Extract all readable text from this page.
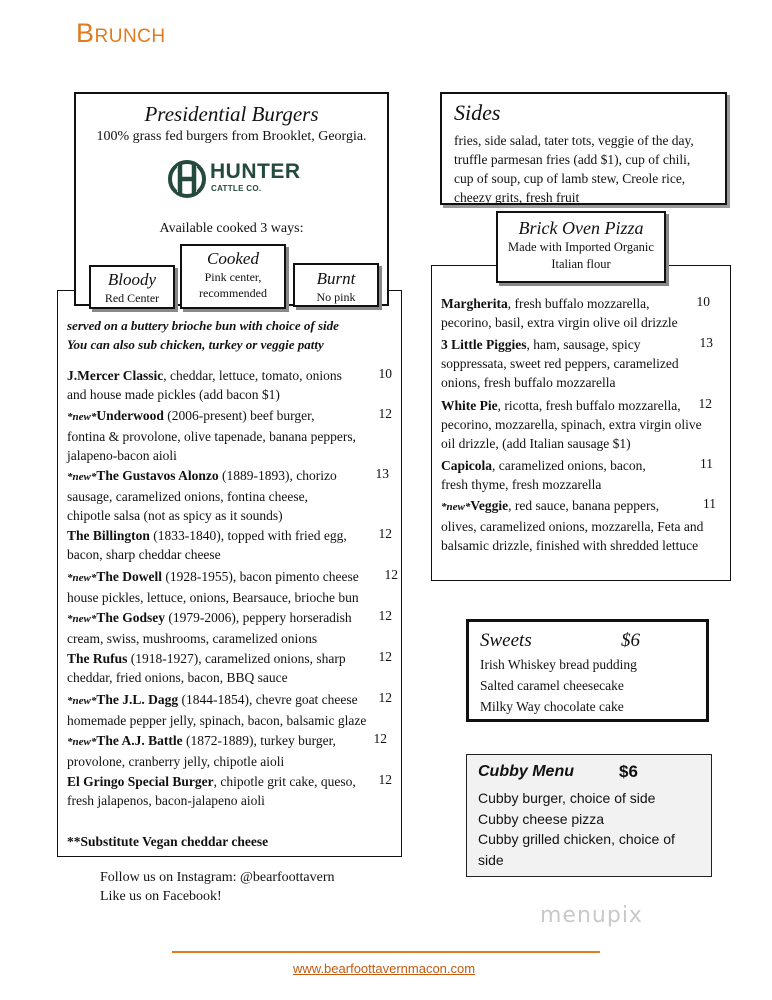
Brunch
Presidential Burgers
100% grass fed burgers from Brooklet, Georgia.
HUNTER
CATTLE CO.
Available cooked 3 ways:
Bloody
Red Center
Cooked
Pink center, recommended
Burnt
No pink
served on a buttery brioche bun with choice of side
You can also sub chicken, turkey or veggie patty
J.Mercer Classic, cheddar, lettuce, tomato, onions
and house made pickles (add bacon $1)
10
*new*Underwood (2006-present) beef burger,
fontina & provolone, olive tapenade, banana peppers,
jalapeno-bacon aioli
12
*new*The Gustavos Alonzo (1889-1893), chorizo
sausage, caramelized onions, fontina cheese,
chipotle salsa (not as spicy as it sounds)
13
The Billington (1833-1840), topped with fried egg,
bacon, sharp cheddar cheese
12
*new*The Dowell (1928-1955), bacon pimento cheese
house pickles, lettuce, onions, Bearsauce, brioche bun
12
*new*The Godsey (1979-2006), peppery horseradish
cream, swiss, mushrooms, caramelized onions
12
The Rufus (1918-1927), caramelized onions, sharp
cheddar, fried onions, bacon, BBQ sauce
12
*new*The J.L. Dagg (1844-1854), chevre goat cheese
homemade pepper jelly, spinach, bacon, balsamic glaze
12
*new*The A.J. Battle (1872-1889), turkey burger,
provolone, cranberry jelly, chipotle aioli
12
El Gringo Special Burger, chipotle grit cake, queso,
fresh jalapenos, bacon-jalapeno aioli
12
**Substitute Vegan cheddar cheese
Follow us on Instagram: @bearfoottavern
Like us on Facebook!
Sides
fries, side salad, tater tots, veggie of the day,
truffle parmesan fries (add $1), cup of chili,
cup of soup, cup of lamb stew, Creole rice,
cheezy grits, fresh fruit
Brick Oven Pizza
Made with Imported Organic
Italian flour
Margherita, fresh buffalo mozzarella,
pecorino, basil, extra virgin olive oil drizzle
10
3 Little Piggies, ham, sausage, spicy
soppressata, sweet red peppers, caramelized
onions, fresh buffalo mozzarella
13
White Pie, ricotta, fresh buffalo mozzarella,
pecorino, mozzarella, spinach, extra virgin olive
oil drizzle, (add Italian sausage $1)
12
Capicola, caramelized onions, bacon,
fresh thyme, fresh mozzarella
11
*new*Veggie, red sauce, banana peppers,
olives, caramelized onions, mozzarella, Feta and
balsamic drizzle, finished with shredded lettuce
11
Sweets	$6
Irish Whiskey bread pudding
Salted caramel cheesecake
Milky Way chocolate cake
Cubby Menu	$6
Cubby burger, choice of side
Cubby cheese pizza
Cubby grilled chicken, choice of
side
menupix
www.bearfoottavernmacon.com
